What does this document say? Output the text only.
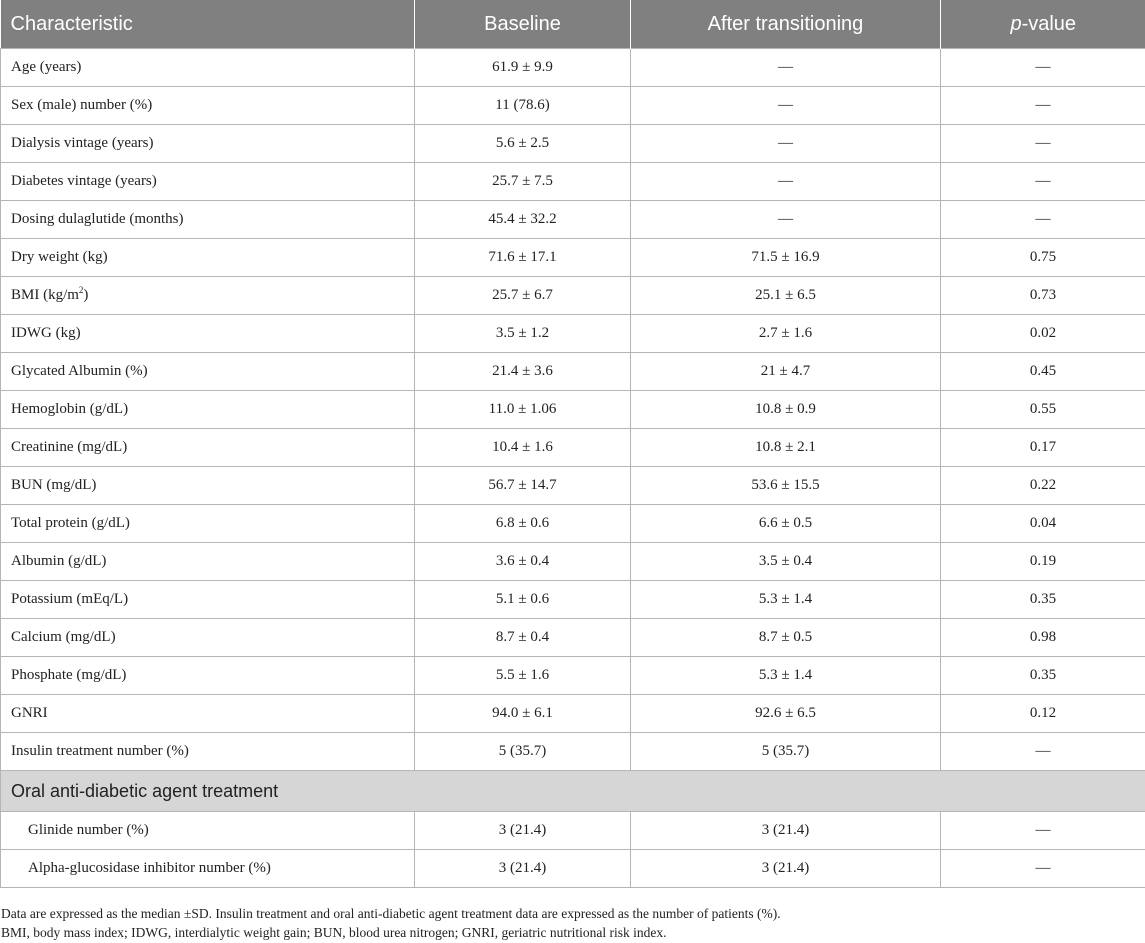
Characteristic	Baseline	After transitioning	p-value
Age (years)	61.9 ± 9.9	—	—
Sex (male) number (%)	11 (78.6)	—	—
Dialysis vintage (years)	5.6 ± 2.5	—	—
Diabetes vintage (years)	25.7 ± 7.5	—	—
Dosing dulaglutide (months)	45.4 ± 32.2	—	—
Dry weight (kg)	71.6 ± 17.1	71.5 ± 16.9	0.75
BMI $(kg/m^2)$	25.7 ± 6.7	25.1 ± 6.5	0.73
IDWG (kg)	3.5 ± 1.2	2.7 ± 1.6	0.02
Glycated Albumin (%)	21.4 ± 3.6	21 ± 4.7	0.45
Hemoglobin (g/dL)	11.0 ± 1.06	10.8 ± 0.9	0.55
Creatinine (mg/dL)	10.4 ± 1.6	10.8 ± 2.1	0.17
BUN (mg/dL)	56.7 ± 14.7	53.6 ± 15.5	0.22
Total protein (g/dL)	6.8 ± 0.6	6.6 ± 0.5	0.04
Albumin (g/dL)	3.6 ± 0.4	3.5 ± 0.4	0.19
Potassium (mEq/L)	5.1 ± 0.6	5.3 ± 1.4	0.35
Calcium (mg/dL)	8.7 ± 0.4	8.7 ± 0.5	0.98
Phosphate (mg/dL)	5.5 ± 1.6	5.3 ± 1.4	0.35
GNRI	94.0 ± 6.1	92.6 ± 6.5	0.12
Insulin treatment number (%)	5 (35.7)	5 (35.7)	—
Oral anti-diabetic agent treatment			
Glinide number (%)	3 (21.4)	3 (21.4)	—
Alpha-glucosidase inhibitor number (%)	3 (21.4)	3 (21.4)	—
Data are expressed as the median ±SD. Insulin treatment and oral anti-diabetic agent treatment data are expressed as the number of patients (%).
BMI, body mass index; IDWG, interdialytic weight gain; BUN, blood urea nitrogen; GNRI, geriatric nutritional risk index.
